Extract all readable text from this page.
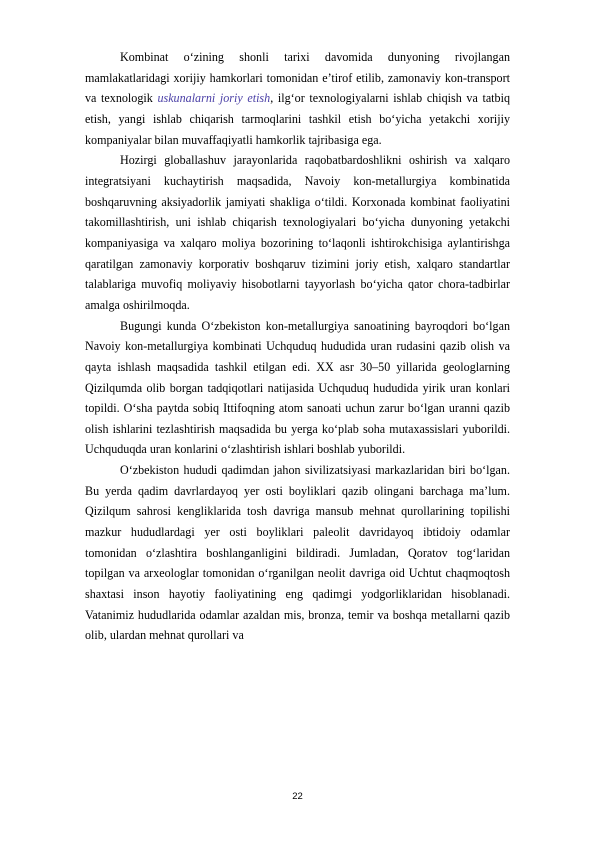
Kombinat o‘zining shonli tarixi davomida dunyoning rivojlangan mamlakatlaridagi xorijiy hamkorlari tomonidan e’tirof etilib, zamonaviy kon-transport va texnologik uskunalarni joriy etish, ilg‘or texnologiyalarni ishlab chiqish va tatbiq etish, yangi ishlab chiqarish tarmoqlarini tashkil etish bo‘yicha yetakchi xorijiy kompaniyalar bilan muvaffaqiyatli hamkorlik tajribasiga ega.

Hozirgi globallashuv jarayonlarida raqobatbardoshlikni oshirish va xalqaro integratsiyani kuchaytirish maqsadida, Navoiy kon-metallurgiya kombinatida boshqaruvning aksiyadorlik jamiyati shakliga o‘tildi. Korxonada kombinat faoliyatini takomillashtirish, uni ishlab chiqarish texnologiyalari bo‘yicha dunyoning yetakchi kompaniyasiga va xalqaro moliya bozorining to‘laqonli ishtirokchisiga aylantirishga qaratilgan zamonaviy korporativ boshqaruv tizimini joriy etish, xalqaro standartlar talablariga muvofiq moliyaviy hisobotlarni tayyorlash bo‘yicha qator chora-tadbirlar amalga oshirilmoqda.

Bugungi kunda O‘zbekiston kon-metallurgiya sanoatining bayroqdori bo‘lgan Navoiy kon-metallurgiya kombinati Uchquduq hududida uran rudasini qazib olish va qayta ishlash maqsadida tashkil etilgan edi. XX asr 30–50 yillarida geologlarning Qizilqumda olib borgan tadqiqotlari natijasida Uchquduq hududida yirik uran konlari topildi. O‘sha paytda sobiq Ittifoqning atom sanoati uchun zarur bo‘lgan uranni qazib olish ishlarini tezlashtirish maqsadida bu yerga ko‘plab soha mutaxassislari yuborildi. Uchquduqda uran konlarini o‘zlashtirish ishlari boshlab yuborildi.

O‘zbekiston hududi qadimdan jahon sivilizatsiyasi markazlaridan biri bo‘lgan. Bu yerda qadim davrlardayoq yer osti boyliklari qazib olingani barchaga ma’lum. Qizilqum sahrosi kengliklarida tosh davriga mansub mehnat qurollarining topilishi mazkur hududlardagi yer osti boyliklari paleolit davridayoq ibtidoiy odamlar tomonidan o‘zlashtira boshlanganligini bildiradi. Jumladan, Qoratov tog‘laridan topilgan va arxeologlar tomonidan o‘rganilgan neolit davriga oid Uchtut chaqmoqtosh shaxtasi inson hayotiy faoliyatining eng qadimgi yodgorliklaridan hisoblanadi. Vatanimiz hududlarida odamlar azaldan mis, bronza, temir va boshqa metallarni qazib olib, ulardan mehnat qurollari va

22
